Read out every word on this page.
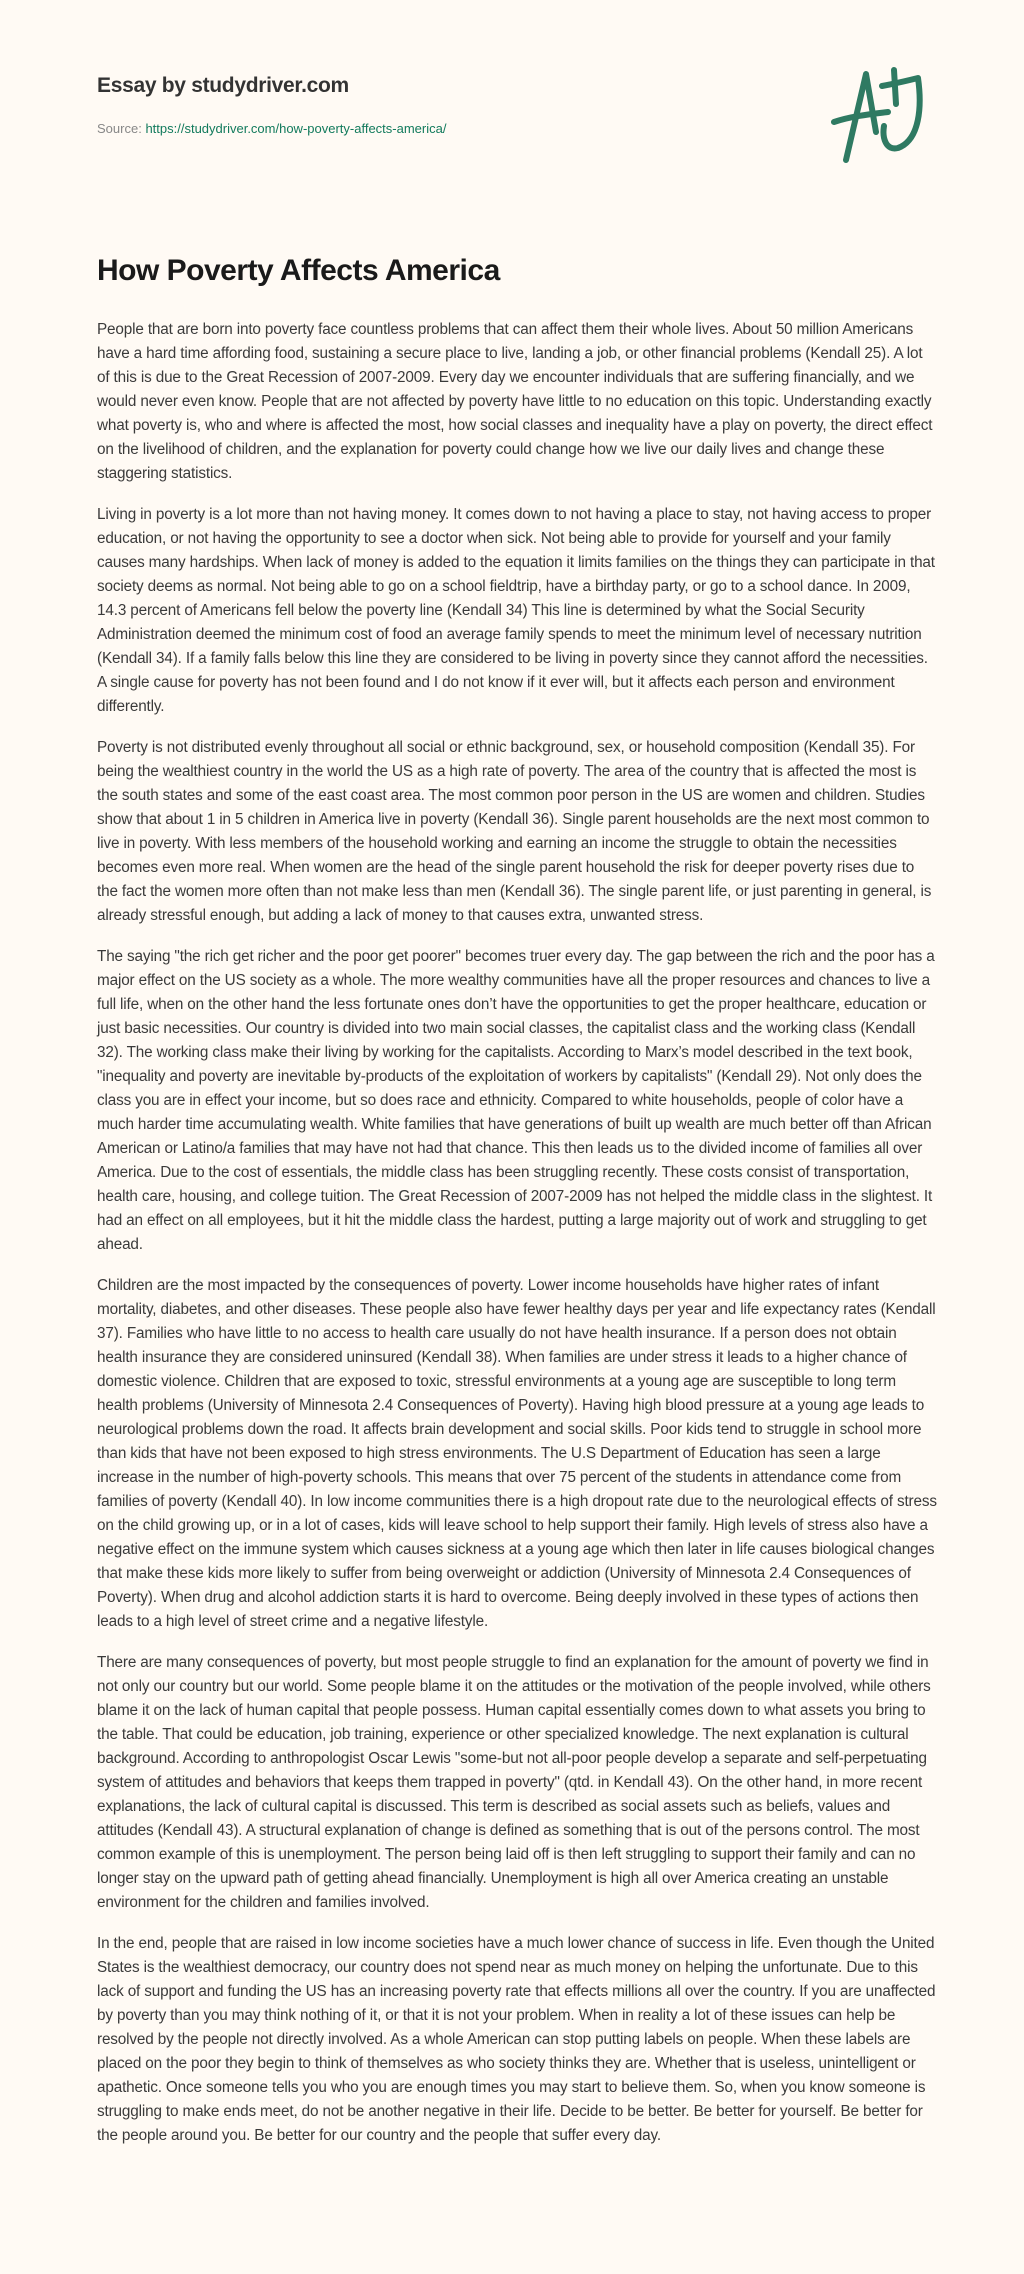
Essay by studydriver.com
Source: https://studydriver.com/how-poverty-affects-america/
How Poverty Affects America

People that are born into poverty face countless problems that can affect them their whole lives. About 50 million Americans have a hard time affording food, sustaining a secure place to live, landing a job, or other financial problems (Kendall 25). A lot of this is due to the Great Recession of 2007-2009. Every day we encounter individuals that are suffering financially, and we would never even know. People that are not affected by poverty have little to no education on this topic. Understanding exactly what poverty is, who and where is affected the most, how social classes and inequality have a play on poverty, the direct effect on the livelihood of children, and the explanation for poverty could change how we live our daily lives and change these staggering statistics.

Living in poverty is a lot more than not having money. It comes down to not having a place to stay, not having access to proper education, or not having the opportunity to see a doctor when sick. Not being able to provide for yourself and your family causes many hardships. When lack of money is added to the equation it limits families on the things they can participate in that society deems as normal. Not being able to go on a school fieldtrip, have a birthday party, or go to a school dance. In 2009, 14.3 percent of Americans fell below the poverty line (Kendall 34) This line is determined by what the Social Security Administration deemed the minimum cost of food an average family spends to meet the minimum level of necessary nutrition (Kendall 34). If a family falls below this line they are considered to be living in poverty since they cannot afford the necessities. A single cause for poverty has not been found and I do not know if it ever will, but it affects each person and environment differently.

Poverty is not distributed evenly throughout all social or ethnic background, sex, or household composition (Kendall 35). For being the wealthiest country in the world the US as a high rate of poverty. The area of the country that is affected the most is the south states and some of the east coast area. The most common poor person in the US are women and children. Studies show that about 1 in 5 children in America live in poverty (Kendall 36). Single parent households are the next most common to live in poverty. With less members of the household working and earning an income the struggle to obtain the necessities becomes even more real. When women are the head of the single parent household the risk for deeper poverty rises due to the fact the women more often than not make less than men (Kendall 36). The single parent life, or just parenting in general, is already stressful enough, but adding a lack of money to that causes extra, unwanted stress.

The saying "the rich get richer and the poor get poorer" becomes truer every day. The gap between the rich and the poor has a major effect on the US society as a whole. The more wealthy communities have all the proper resources and chances to live a full life, when on the other hand the less fortunate ones don’t have the opportunities to get the proper healthcare, education or just basic necessities. Our country is divided into two main social classes, the capitalist class and the working class (Kendall 32). The working class make their living by working for the capitalists. According to Marx’s model described in the text book, "inequality and poverty are inevitable by-products of the exploitation of workers by capitalists" (Kendall 29). Not only does the class you are in effect your income, but so does race and ethnicity. Compared to white households, people of color have a much harder time accumulating wealth. White families that have generations of built up wealth are much better off than African American or Latino/a families that may have not had that chance. This then leads us to the divided income of families all over America. Due to the cost of essentials, the middle class has been struggling recently. These costs consist of transportation, health care, housing, and college tuition. The Great Recession of 2007-2009 has not helped the middle class in the slightest. It had an effect on all employees, but it hit the middle class the hardest, putting a large majority out of work and struggling to get ahead.

Children are the most impacted by the consequences of poverty. Lower income households have higher rates of infant mortality, diabetes, and other diseases. These people also have fewer healthy days per year and life expectancy rates (Kendall 37). Families who have little to no access to health care usually do not have health insurance. If a person does not obtain health insurance they are considered uninsured (Kendall 38). When families are under stress it leads to a higher chance of domestic violence. Children that are exposed to toxic, stressful environments at a young age are susceptible to long term health problems (University of Minnesota 2.4 Consequences of Poverty). Having high blood pressure at a young age leads to neurological problems down the road. It affects brain development and social skills. Poor kids tend to struggle in school more than kids that have not been exposed to high stress environments. The U.S Department of Education has seen a large increase in the number of high-poverty schools. This means that over 75 percent of the students in attendance come from families of poverty (Kendall 40). In low income communities there is a high dropout rate due to the neurological effects of stress on the child growing up, or in a lot of cases, kids will leave school to help support their family. High levels of stress also have a negative effect on the immune system which causes sickness at a young age which then later in life causes biological changes that make these kids more likely to suffer from being overweight or addiction (University of Minnesota 2.4 Consequences of Poverty). When drug and alcohol addiction starts it is hard to overcome. Being deeply involved in these types of actions then leads to a high level of street crime and a negative lifestyle.

There are many consequences of poverty, but most people struggle to find an explanation for the amount of poverty we find in not only our country but our world. Some people blame it on the attitudes or the motivation of the people involved, while others blame it on the lack of human capital that people possess. Human capital essentially comes down to what assets you bring to the table. That could be education, job training, experience or other specialized knowledge. The next explanation is cultural background. According to anthropologist Oscar Lewis "some-but not all-poor people develop a separate and self-perpetuating system of attitudes and behaviors that keeps them trapped in poverty" (qtd. in Kendall 43). On the other hand, in more recent explanations, the lack of cultural capital is discussed. This term is described as social assets such as beliefs, values and attitudes (Kendall 43). A structural explanation of change is defined as something that is out of the persons control. The most common example of this is unemployment. The person being laid off is then left struggling to support their family and can no longer stay on the upward path of getting ahead financially. Unemployment is high all over America creating an unstable environment for the children and families involved.

In the end, people that are raised in low income societies have a much lower chance of success in life. Even though the United States is the wealthiest democracy, our country does not spend near as much money on helping the unfortunate. Due to this lack of support and funding the US has an increasing poverty rate that effects millions all over the country. If you are unaffected by poverty than you may think nothing of it, or that it is not your problem. When in reality a lot of these issues can help be resolved by the people not directly involved. As a whole American can stop putting labels on people. When these labels are placed on the poor they begin to think of themselves as who society thinks they are. Whether that is useless, unintelligent or apathetic. Once someone tells you who you are enough times you may start to believe them. So, when you know someone is struggling to make ends meet, do not be another negative in their life. Decide to be better. Be better for yourself. Be better for the people around you. Be better for our country and the people that suffer every day.
